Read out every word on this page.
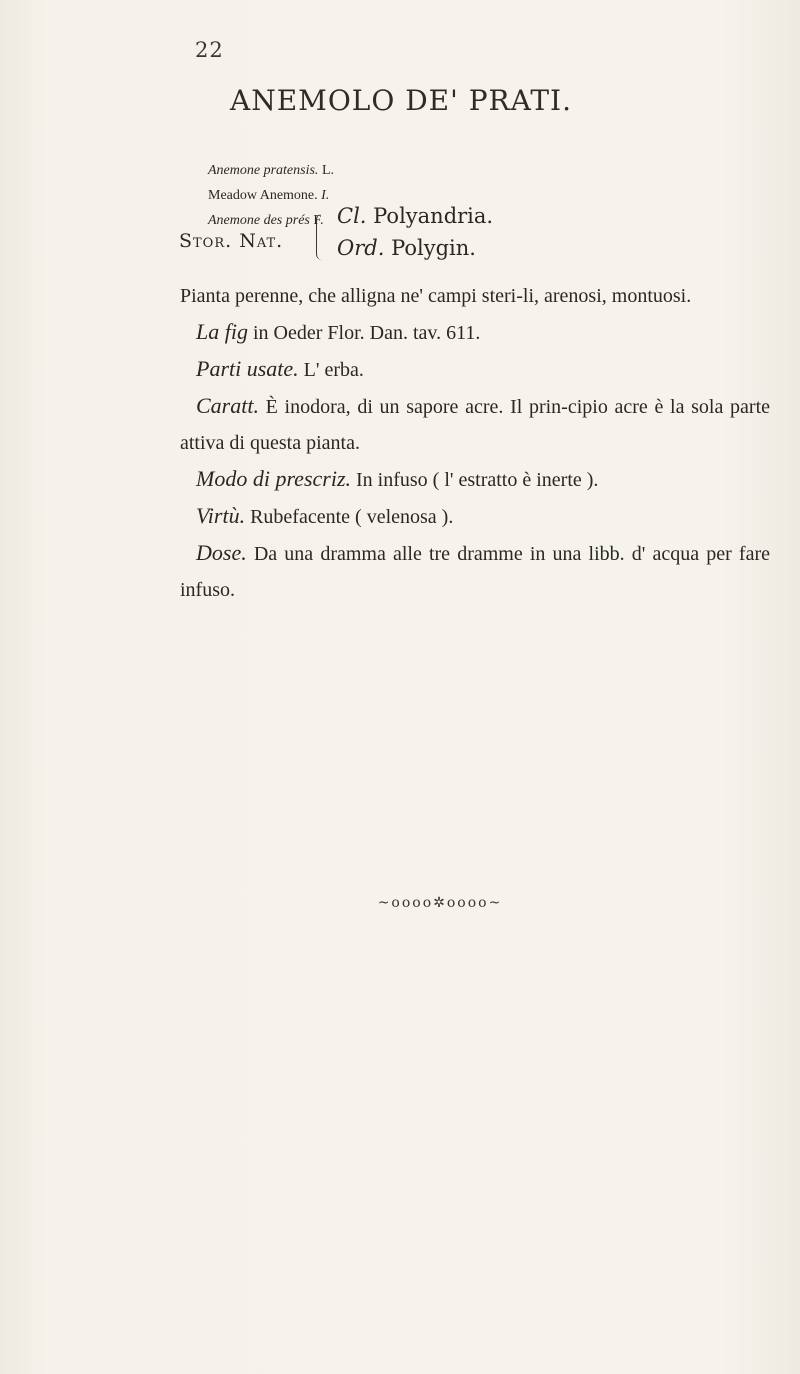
22
ANEMOLO DE' PRATI.
Anemone pratensis. L.
Meadow Anemone. I.
Anemone des prés F.
Stor. Nat.
Cl. Polyandria.
Ord. Polygin.

Pianta perenne, che alligna ne' campi steri-li, arenosi, montuosi.

La fig in Oeder Flor. Dan. tav. 611.

Parti usate. L' erba.

Caratt. È inodora, di un sapore acre. Il prin-cipio acre è la sola parte attiva di questa pianta.

Modo di prescriz. In infuso ( l' estratto è inerte ).

Virtù. Rubefacente ( velenosa ).

Dose. Da una dramma alle tre dramme in una libb. d' acqua per fare infuso.

~oooo✲oooo~
